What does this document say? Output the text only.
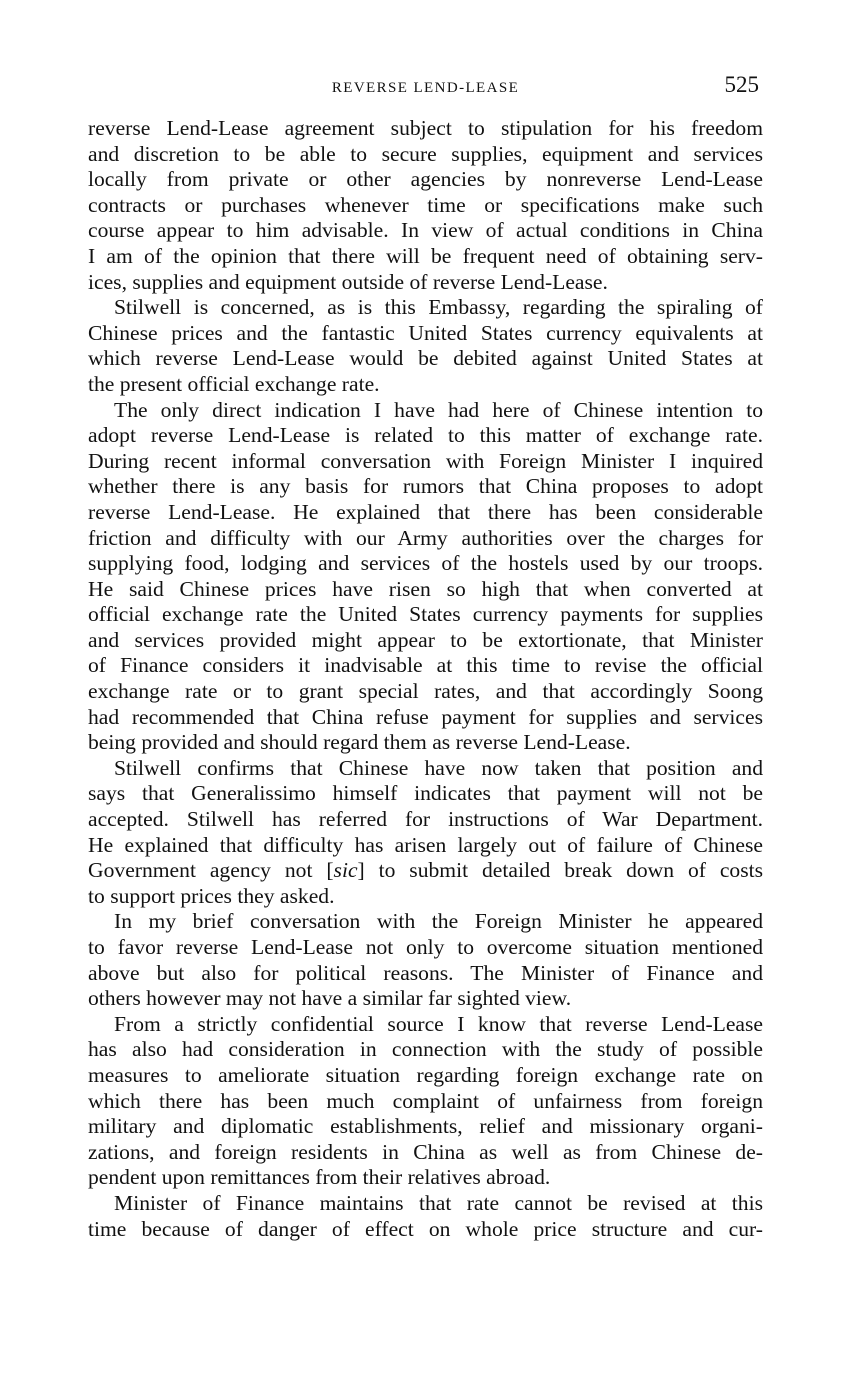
REVERSE LEND-LEASE	525

reverse Lend-Lease agreement subject to stipulation for his freedom
and discretion to be able to secure supplies, equipment and services
locally from private or other agencies by nonreverse Lend-Lease
contracts or purchases whenever time or specifications make such
course appear to him advisable. In view of actual conditions in China
I am of the opinion that there will be frequent need of obtaining serv-
ices, supplies and equipment outside of reverse Lend-Lease.

Stilwell is concerned, as is this Embassy, regarding the spiraling of
Chinese prices and the fantastic United States currency equivalents at
which reverse Lend-Lease would be debited against United States at
the present official exchange rate.

The only direct indication I have had here of Chinese intention to
adopt reverse Lend-Lease is related to this matter of exchange rate.
During recent informal conversation with Foreign Minister I inquired
whether there is any basis for rumors that China proposes to adopt
reverse Lend-Lease. He explained that there has been considerable
friction and difficulty with our Army authorities over the charges for
supplying food, lodging and services of the hostels used by our troops.
He said Chinese prices have risen so high that when converted at
official exchange rate the United States currency payments for supplies
and services provided might appear to be extortionate, that Minister
of Finance considers it inadvisable at this time to revise the official
exchange rate or to grant special rates, and that accordingly Soong
had recommended that China refuse payment for supplies and services
being provided and should regard them as reverse Lend-Lease.

Stilwell confirms that Chinese have now taken that position and
says that Generalissimo himself indicates that payment will not be
accepted. Stilwell has referred for instructions of War Department.
He explained that difficulty has arisen largely out of failure of Chinese
Government agency not [sic] to submit detailed break down of costs
to support prices they asked.

In my brief conversation with the Foreign Minister he appeared
to favor reverse Lend-Lease not only to overcome situation mentioned
above but also for political reasons. The Minister of Finance and
others however may not have a similar far sighted view.

From a strictly confidential source I know that reverse Lend-Lease
has also had consideration in connection with the study of possible
measures to ameliorate situation regarding foreign exchange rate on
which there has been much complaint of unfairness from foreign
military and diplomatic establishments, relief and missionary organi-
zations, and foreign residents in China as well as from Chinese de-
pendent upon remittances from their relatives abroad.

Minister of Finance maintains that rate cannot be revised at this
time because of danger of effect on whole price structure and cur-
